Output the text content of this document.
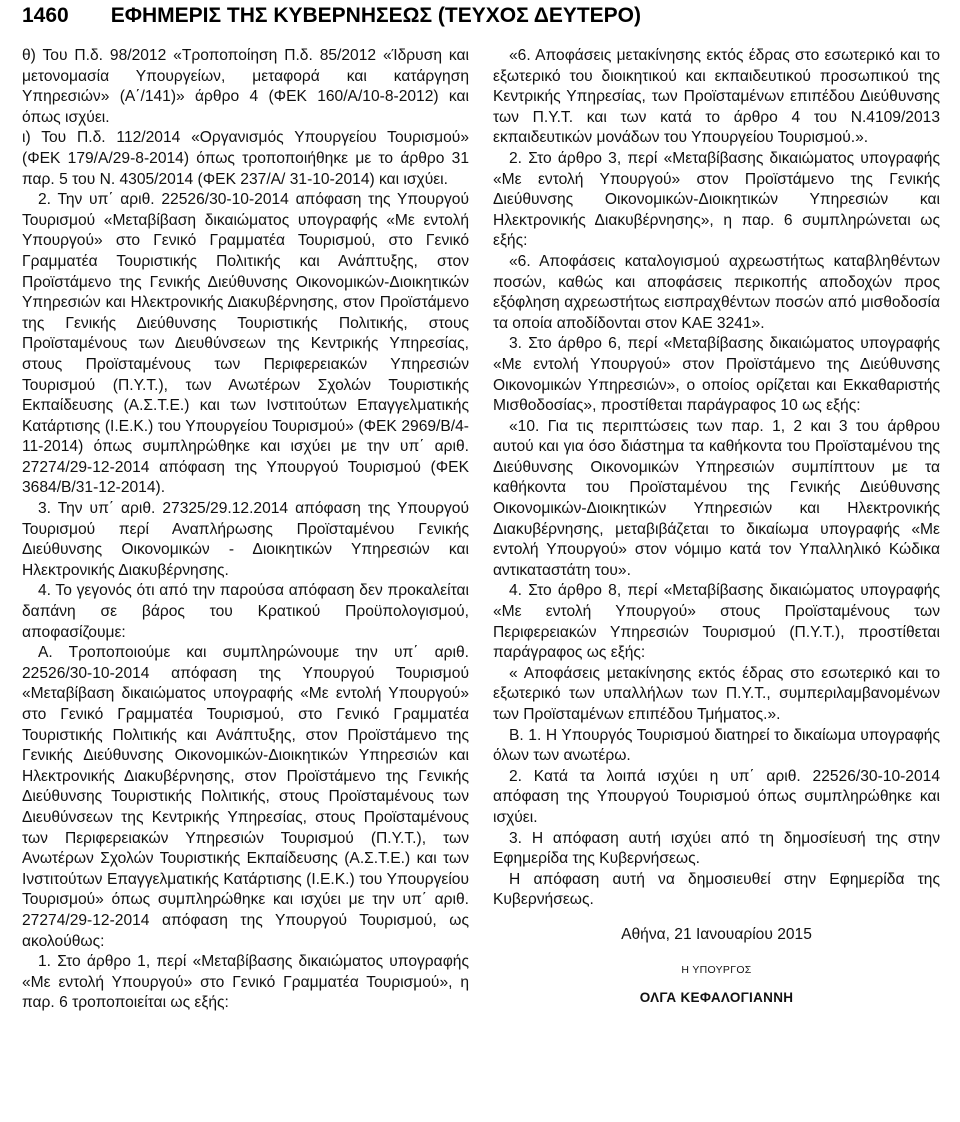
1460 ΕΦΗΜΕΡΙΣ ΤΗΣ ΚΥΒΕΡΝΗΣΕΩΣ (ΤΕΥΧΟΣ ΔΕΥΤΕΡΟ)

θ) Του Π.δ. 98/2012 «Τροποποίηση Π.δ. 85/2012 «Ίδρυση και μετονομασία Υπουργείων, μεταφορά και κατάργηση Υπηρεσιών» (Α΄/141)» άρθρο 4 (ΦΕΚ 160/Α/10-8-2012) και όπως ισχύει.

ι) Του Π.δ. 112/2014 «Οργανισμός Υπουργείου Τουρισμού» (ΦΕΚ 179/Α/29-8-2014) όπως τροποποιήθηκε με το άρθρο 31 παρ. 5 του Ν. 4305/2014 (ΦΕΚ 237/Α/ 31-10-2014) και ισχύει.

2. Την υπ΄ αριθ. 22526/30-10-2014 απόφαση της Υπουργού Τουρισμού «Μεταβίβαση δικαιώματος υπογραφής «Με εντολή Υπουργού» στο Γενικό Γραμματέα Τουρισμού, στο Γενικό Γραμματέα Τουριστικής Πολιτικής και Ανάπτυξης, στον Προϊστάμενο της Γενικής Διεύθυνσης Οικονομικών-Διοικητικών Υπηρεσιών και Ηλεκτρονικής Διακυβέρνησης, στον Προϊστάμενο της Γενικής Διεύθυνσης Τουριστικής Πολιτικής, στους Προϊσταμένους των Διευθύνσεων της Κεντρικής Υπηρεσίας, στους Προϊσταμένους των Περιφερειακών Υπηρεσιών Τουρισμού (Π.Υ.Τ.), των Ανωτέρων Σχολών Τουριστικής Εκπαίδευσης (Α.Σ.Τ.Ε.) και των Ινστιτούτων Επαγγελματικής Κατάρτισης (Ι.Ε.Κ.) του Υπουργείου Τουρισμού» (ΦΕΚ 2969/Β/4-11-2014) όπως συμπληρώθηκε και ισχύει με την υπ΄ αριθ. 27274/29-12-2014 απόφαση της Υπουργού Τουρισμού (ΦΕΚ 3684/Β/31-12-2014).

3. Την υπ΄ αριθ. 27325/29.12.2014 απόφαση της Υπουργού Τουρισμού περί Αναπλήρωσης Προϊσταμένου Γενικής Διεύθυνσης Οικονομικών - Διοικητικών Υπηρεσιών και Ηλεκτρονικής Διακυβέρνησης.

4. Το γεγονός ότι από την παρούσα απόφαση δεν προκαλείται δαπάνη σε βάρος του Κρατικού Προϋπολογισμού, αποφασίζουμε:

Α. Τροποποιούμε και συμπληρώνουμε την υπ΄ αριθ. 22526/30-10-2014 απόφαση της Υπουργού Τουρισμού «Μεταβίβαση δικαιώματος υπογραφής «Με εντολή Υπουργού» στο Γενικό Γραμματέα Τουρισμού, στο Γενικό Γραμματέα Τουριστικής Πολιτικής και Ανάπτυξης, στον Προϊστάμενο της Γενικής Διεύθυνσης Οικονομικών-Διοικητικών Υπηρεσιών και Ηλεκτρονικής Διακυβέρνησης, στον Προϊστάμενο της Γενικής Διεύθυνσης Τουριστικής Πολιτικής, στους Προϊσταμένους των Διευθύνσεων της Κεντρικής Υπηρεσίας, στους Προϊσταμένους των Περιφερειακών Υπηρεσιών Τουρισμού (Π.Υ.Τ.), των Ανωτέρων Σχολών Τουριστικής Εκπαίδευσης (Α.Σ.Τ.Ε.) και των Ινστιτούτων Επαγγελματικής Κατάρτισης (Ι.Ε.Κ.) του Υπουργείου Τουρισμού» όπως συμπληρώθηκε και ισχύει με την υπ΄ αριθ. 27274/29-12-2014 απόφαση της Υπουργού Τουρισμού, ως ακολούθως:

1. Στο άρθρο 1, περί «Μεταβίβασης δικαιώματος υπογραφής «Με εντολή Υπουργού» στο Γενικό Γραμματέα Τουρισμού», η παρ. 6 τροποποιείται ως εξής:

«6. Αποφάσεις μετακίνησης εκτός έδρας στο εσωτερικό και το εξωτερικό του διοικητικού και εκπαιδευτικού προσωπικού της Κεντρικής Υπηρεσίας, των Προϊσταμένων επιπέδου Διεύθυνσης των Π.Υ.Τ. και των κατά το άρθρο 4 του Ν.4109/2013 εκπαιδευτικών μονάδων του Υπουργείου Τουρισμού.».

2. Στο άρθρο 3, περί «Μεταβίβασης δικαιώματος υπογραφής «Με εντολή Υπουργού» στον Προϊστάμενο της Γενικής Διεύθυνσης Οικονομικών-Διοικητικών Υπηρεσιών και Ηλεκτρονικής Διακυβέρνησης», η παρ. 6 συμπληρώνεται ως εξής:

«6. Αποφάσεις καταλογισμού αχρεωστήτως καταβληθέντων ποσών, καθώς και αποφάσεις περικοπής αποδοχών προς εξόφληση αχρεωστήτως εισπραχθέντων ποσών από μισθοδοσία τα οποία αποδίδονται στον ΚΑΕ 3241».

3. Στο άρθρο 6, περί «Μεταβίβασης δικαιώματος υπογραφής «Με εντολή Υπουργού» στον Προϊστάμενο της Διεύθυνσης Οικονομικών Υπηρεσιών», ο οποίος ορίζεται και Εκκαθαριστής Μισθοδοσίας», προστίθεται παράγραφος 10 ως εξής:

«10. Για τις περιπτώσεις των παρ. 1, 2 και 3 του άρθρου αυτού και για όσο διάστημα τα καθήκοντα του Προϊσταμένου της Διεύθυνσης Οικονομικών Υπηρεσιών συμπίπτουν με τα καθήκοντα του Προϊσταμένου της Γενικής Διεύθυνσης Οικονομικών-Διοικητικών Υπηρεσιών και Ηλεκτρονικής Διακυβέρνησης, μεταβιβάζεται το δικαίωμα υπογραφής «Με εντολή Υπουργού» στον νόμιμο κατά τον Υπαλληλικό Κώδικα αντικαταστάτη του».

4. Στο άρθρο 8, περί «Μεταβίβασης δικαιώματος υπογραφής «Με εντολή Υπουργού» στους Προϊσταμένους των Περιφερειακών Υπηρεσιών Τουρισμού (Π.Υ.Τ.), προστίθεται παράγραφος ως εξής:

« Αποφάσεις μετακίνησης εκτός έδρας στο εσωτερικό και το εξωτερικό των υπαλλήλων των Π.Υ.Τ., συμπεριλαμβανομένων των Προϊσταμένων επιπέδου Τμήματος.».

Β. 1. Η Υπουργός Τουρισμού διατηρεί το δικαίωμα υπογραφής όλων των ανωτέρω.

2. Κατά τα λοιπά ισχύει η υπ΄ αριθ. 22526/30-10-2014 απόφαση της Υπουργού Τουρισμού όπως συμπληρώθηκε και ισχύει.

3. Η απόφαση αυτή ισχύει από τη δημοσίευσή της στην Εφημερίδα της Κυβερνήσεως.

Η απόφαση αυτή να δημοσιευθεί στην Εφημερίδα της Κυβερνήσεως.

Αθήνα, 21 Ιανουαρίου 2015
Η ΥΠΟΥΡΓΟΣ
ΟΛΓΑ ΚΕΦΑΛΟΓΙΑΝΝΗ
